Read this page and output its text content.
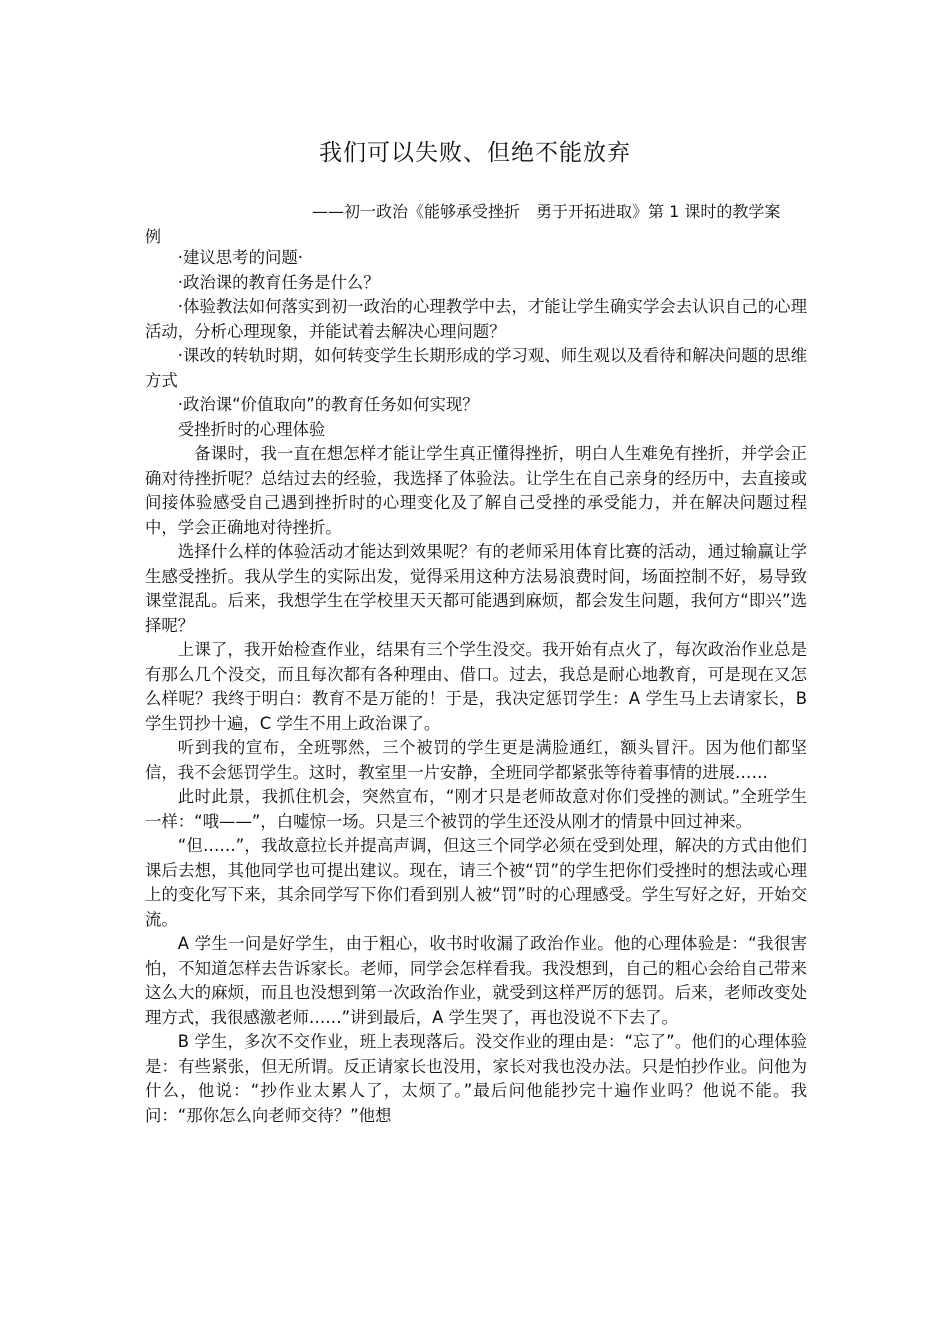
我们可以失败、但绝不能放弃
——初一政治《能够承受挫折　勇于开拓进取》第 1 课时的教学案
例

·建议思考的问题·

·政治课的教育任务是什么？

·体验教法如何落实到初一政治的心理教学中去，才能让学生确实学会去认识自己的心理活动，分析心理现象，并能试着去解决心理问题？

·课改的转轨时期，如何转变学生长期形成的学习观、师生观以及看待和解决问题的思维方式

·政治课“价值取向”的教育任务如何实现？

受挫折时的心理体验

备课时，我一直在想怎样才能让学生真正懂得挫折，明白人生难免有挫折，并学会正确对待挫折呢？总结过去的经验，我选择了体验法。让学生在自己亲身的经历中，去直接或间接体验感受自己遇到挫折时的心理变化及了解自己受挫的承受能力，并在解决问题过程中，学会正确地对待挫折。

选择什么样的体验活动才能达到效果呢？有的老师采用体育比赛的活动，通过输赢让学生感受挫折。我从学生的实际出发，觉得采用这种方法易浪费时间，场面控制不好，易导致课堂混乱。后来，我想学生在学校里天天都可能遇到麻烦，都会发生问题，我何方“即兴”选择呢？

上课了，我开始检查作业，结果有三个学生没交。我开始有点火了，每次政治作业总是有那么几个没交，而且每次都有各种理由、借口。过去，我总是耐心地教育，可是现在又怎么样呢？我终于明白：教育不是万能的！于是，我决定惩罚学生：A 学生马上去请家长，B 学生罚抄十遍，C 学生不用上政治课了。

听到我的宣布，全班鄂然，三个被罚的学生更是满脸通红，额头冒汗。因为他们都坚信，我不会惩罚学生。这时，教室里一片安静，全班同学都紧张等待着事情的进展……

此时此景，我抓住机会，突然宣布，“刚才只是老师故意对你们受挫的测试。”全班学生一样：“哦——”，白嘘惊一场。只是三个被罚的学生还没从刚才的情景中回过神来。

“但……”，我故意拉长并提高声调，但这三个同学必须在受到处理，解决的方式由他们课后去想，其他同学也可提出建议。现在，请三个被“罚”的学生把你们受挫时的想法或心理上的变化写下来，其余同学写下你们看到别人被“罚”时的心理感受。学生写好之好，开始交流。

A 学生一问是好学生，由于粗心，收书时收漏了政治作业。他的心理体验是：“我很害怕，不知道怎样去告诉家长。老师，同学会怎样看我。我没想到，自己的粗心会给自己带来这么大的麻烦，而且也没想到第一次政治作业，就受到这样严厉的惩罚。后来，老师改变处理方式，我很感激老师……”讲到最后，A 学生哭了，再也没说不下去了。

B 学生，多次不交作业，班上表现落后。没交作业的理由是：“忘了”。他们的心理体验是：有些紧张，但无所谓。反正请家长也没用，家长对我也没办法。只是怕抄作业。问他为什么，他说：“抄作业太累人了，太烦了。”最后问他能抄完十遍作业吗？他说不能。我问：“那你怎么向老师交待？”他想
